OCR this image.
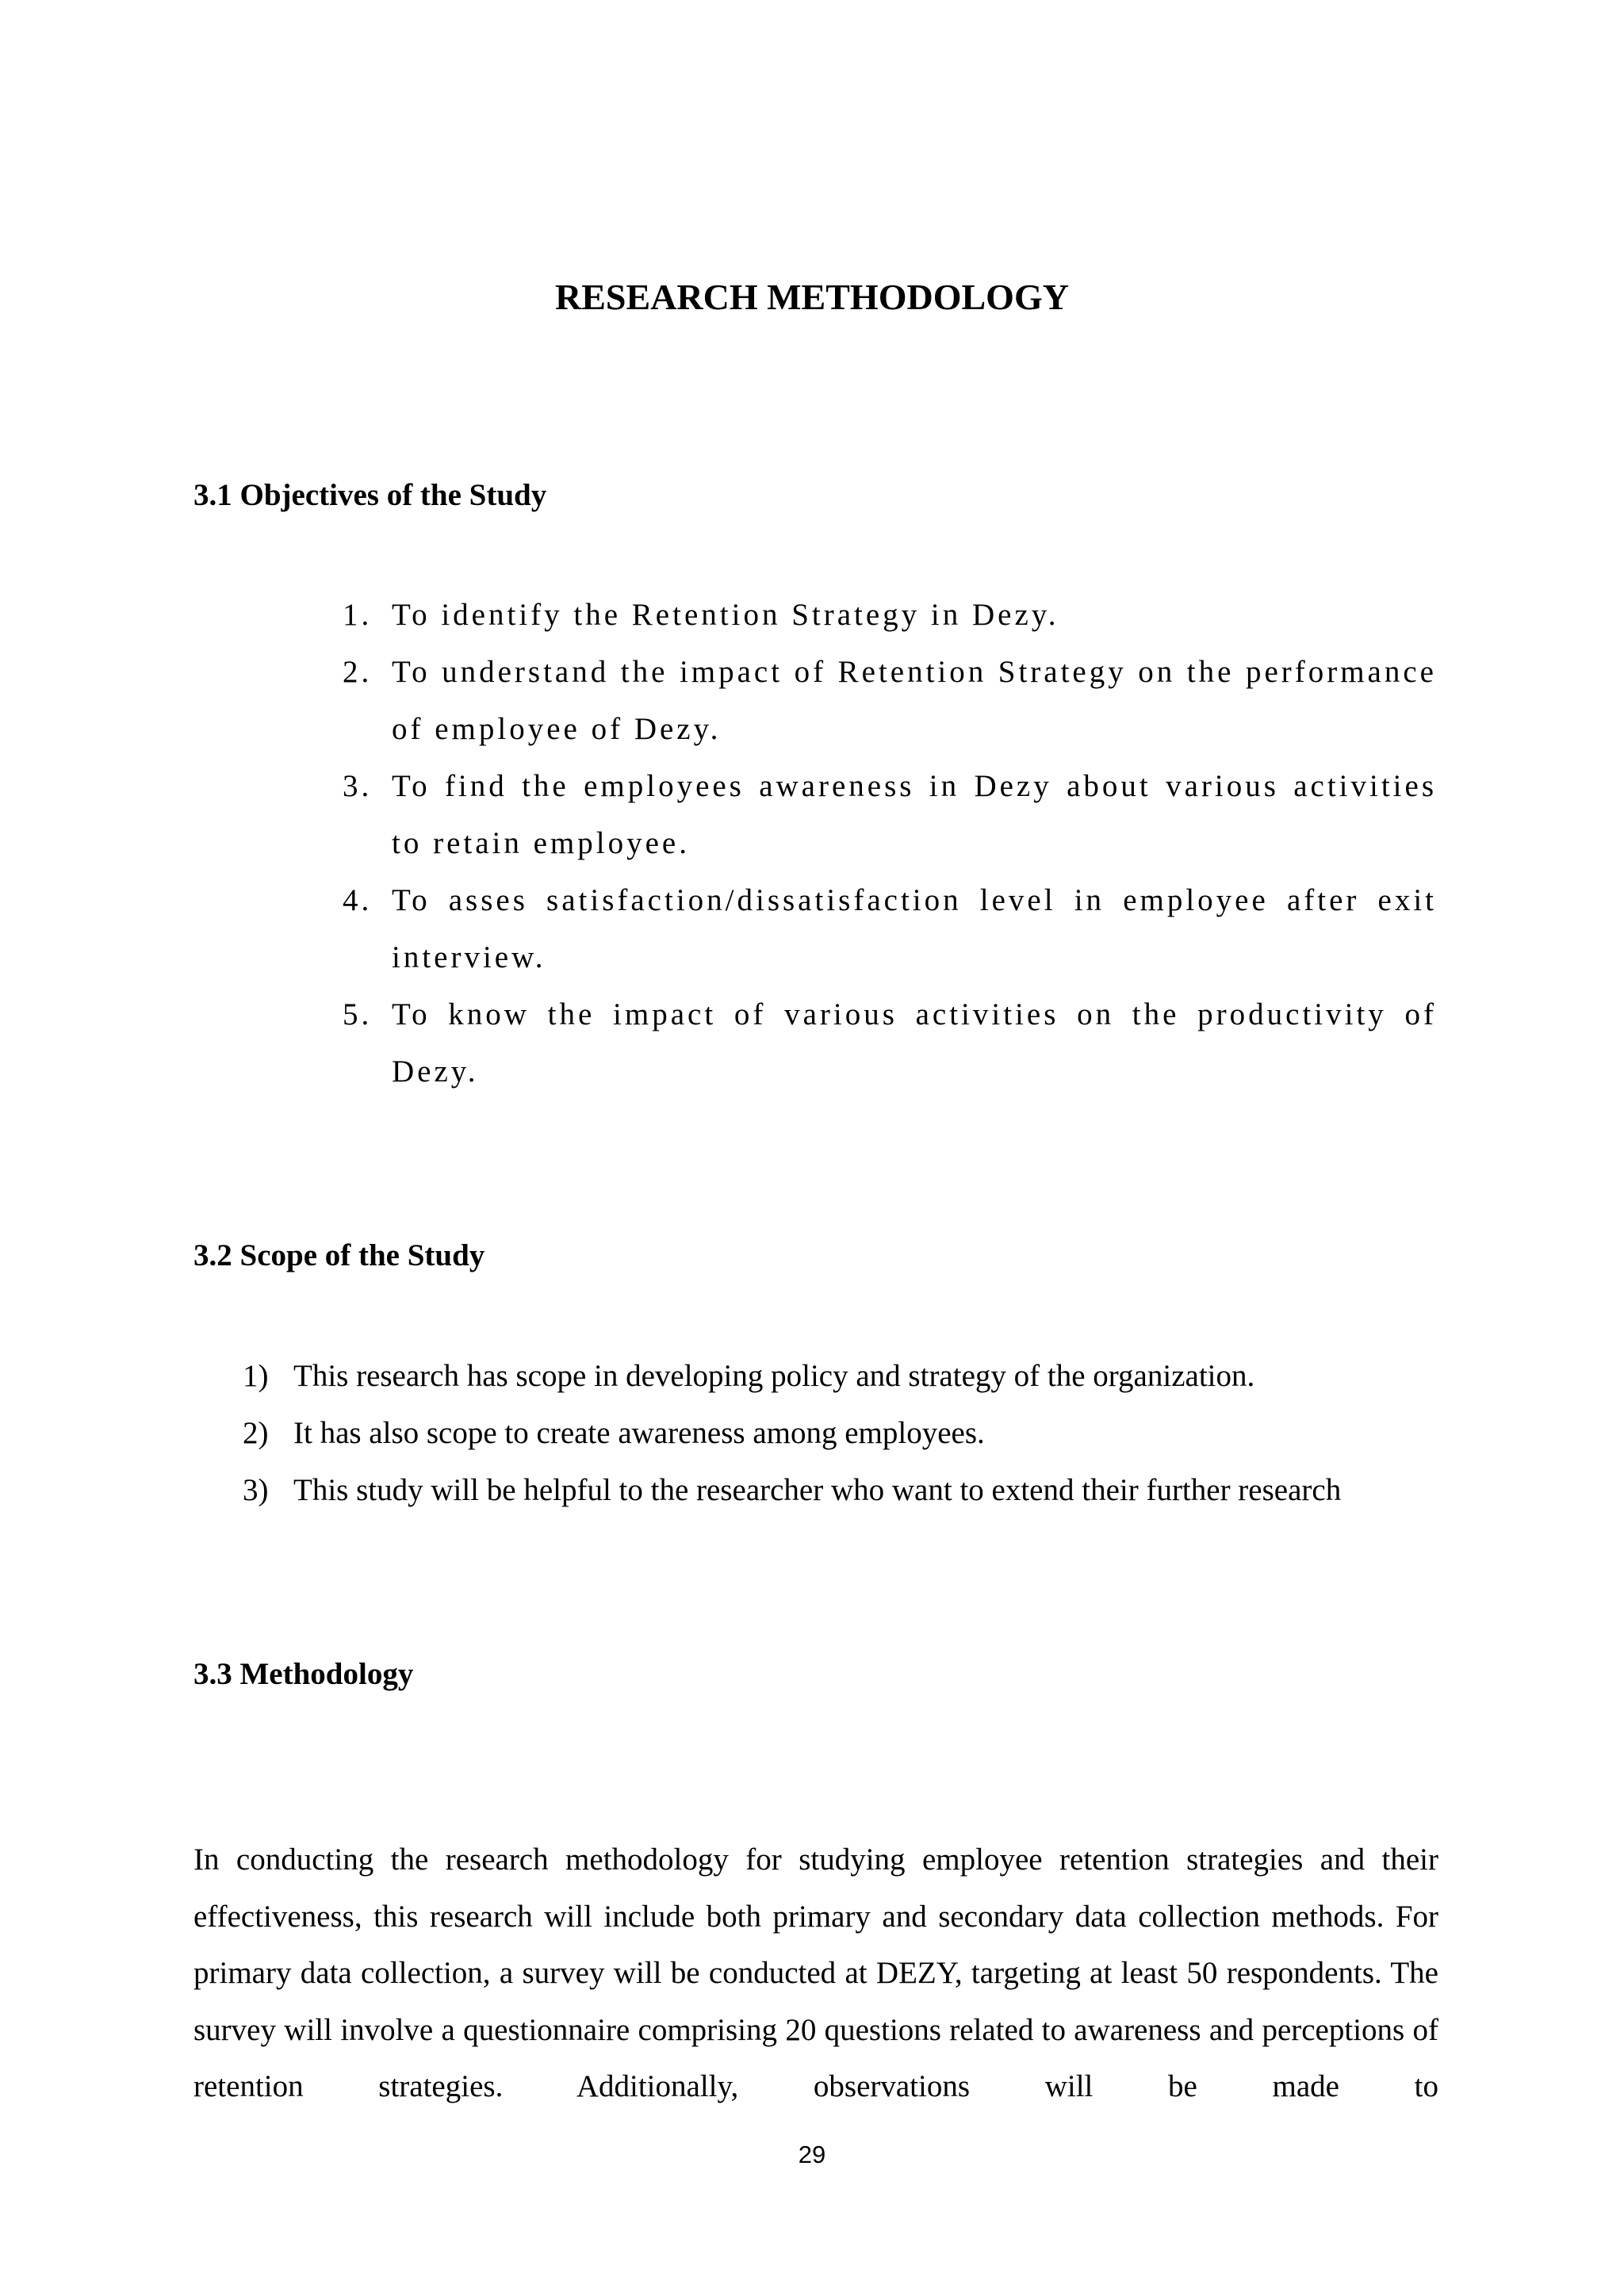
RESEARCH METHODOLOGY
3.1 Objectives of the Study
1. To identify the Retention Strategy in Dezy.
2. To understand the impact of Retention Strategy on the performance of employee of Dezy.
3. To find the employees awareness in Dezy about various activities to retain employee.
4. To asses satisfaction/dissatisfaction level in employee after exit interview.
5. To know the impact of various activities on the productivity of Dezy.
3.2 Scope of the Study
1) This research has scope in developing policy and strategy of the organization.
2) It has also scope to create awareness among employees.
3) This study will be helpful to the researcher who want to extend their further research
3.3 Methodology

In conducting the research methodology for studying employee retention strategies and their effectiveness, this research will include both primary and secondary data collection methods. For primary data collection, a survey will be conducted at DEZY, targeting at least 50 respondents. The survey will involve a questionnaire comprising 20 questions related to awareness and perceptions of retention strategies. Additionally, observations will be made to

29
